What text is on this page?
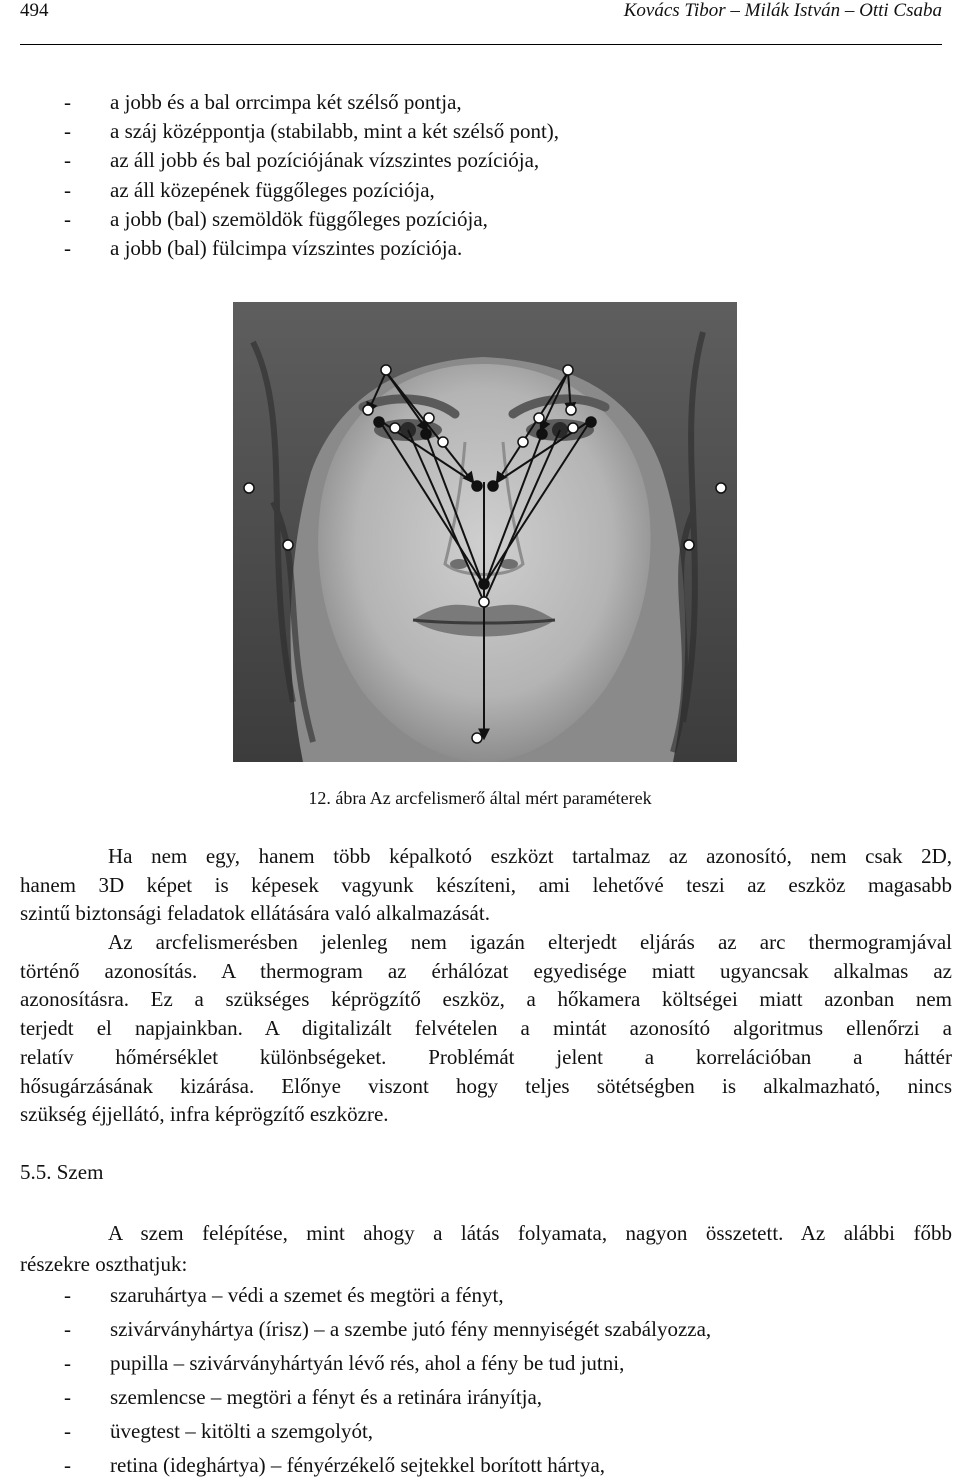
494	Kovács Tibor – Milák István – Otti Csaba
- a jobb és a bal orrcimpa két szélső pontja,
- a száj középpontja (stabilabb, mint a két szélső pont),
- az áll jobb és bal pozíciójának vízszintes pozíciója,
- az áll közepének függőleges pozíciója,
- a jobb (bal) szemöldök függőleges pozíciója,
- a jobb (bal) fülcimpa vízszintes pozíciója.
12. ábra Az arcfelismerő által mért paraméterek

Ha nem egy, hanem több képalkotó eszközt tartalmaz az azonosító, nem csak 2D,
hanem 3D képet is képesek vagyunk készíteni, ami lehetővé teszi az eszköz magasabb
szintű biztonsági feladatok ellátására való alkalmazását.

Az arcfelismerésben jelenleg nem igazán elterjedt eljárás az arc thermogramjával
történő azonosítás. A thermogram az érhálózat egyedisége miatt ugyancsak alkalmas az
azonosításra. Ez a szükséges képrögzítő eszköz, a hőkamera költségei miatt azonban nem
terjedt el napjainkban. A digitalizált felvételen a mintát azonosító algoritmus ellenőrzi a
relatív hőmérséklet különbségeket. Problémát jelent a korrelációban a háttér
hősugárzásának kizárása. Előnye viszont hogy teljes sötétségben is alkalmazható, nincs
szükség éjjellátó, infra képrögzítő eszközre.

5.5. Szem

A szem felépítése, mint ahogy a látás folyamata, nagyon összetett. Az alábbi főbb
részekre oszthatjuk:

- szaruhártya – védi a szemet és megtöri a fényt,
- szivárványhártya (írisz) – a szembe jutó fény mennyiségét szabályozza,
- pupilla – szivárványhártyán lévő rés, ahol a fény be tud jutni,
- szemlencse – megtöri a fényt és a retinára irányítja,
- üvegtest – kitölti a szemgolyót,
- retina (ideghártya) – fényérzékelő sejtekkel borított hártya,
